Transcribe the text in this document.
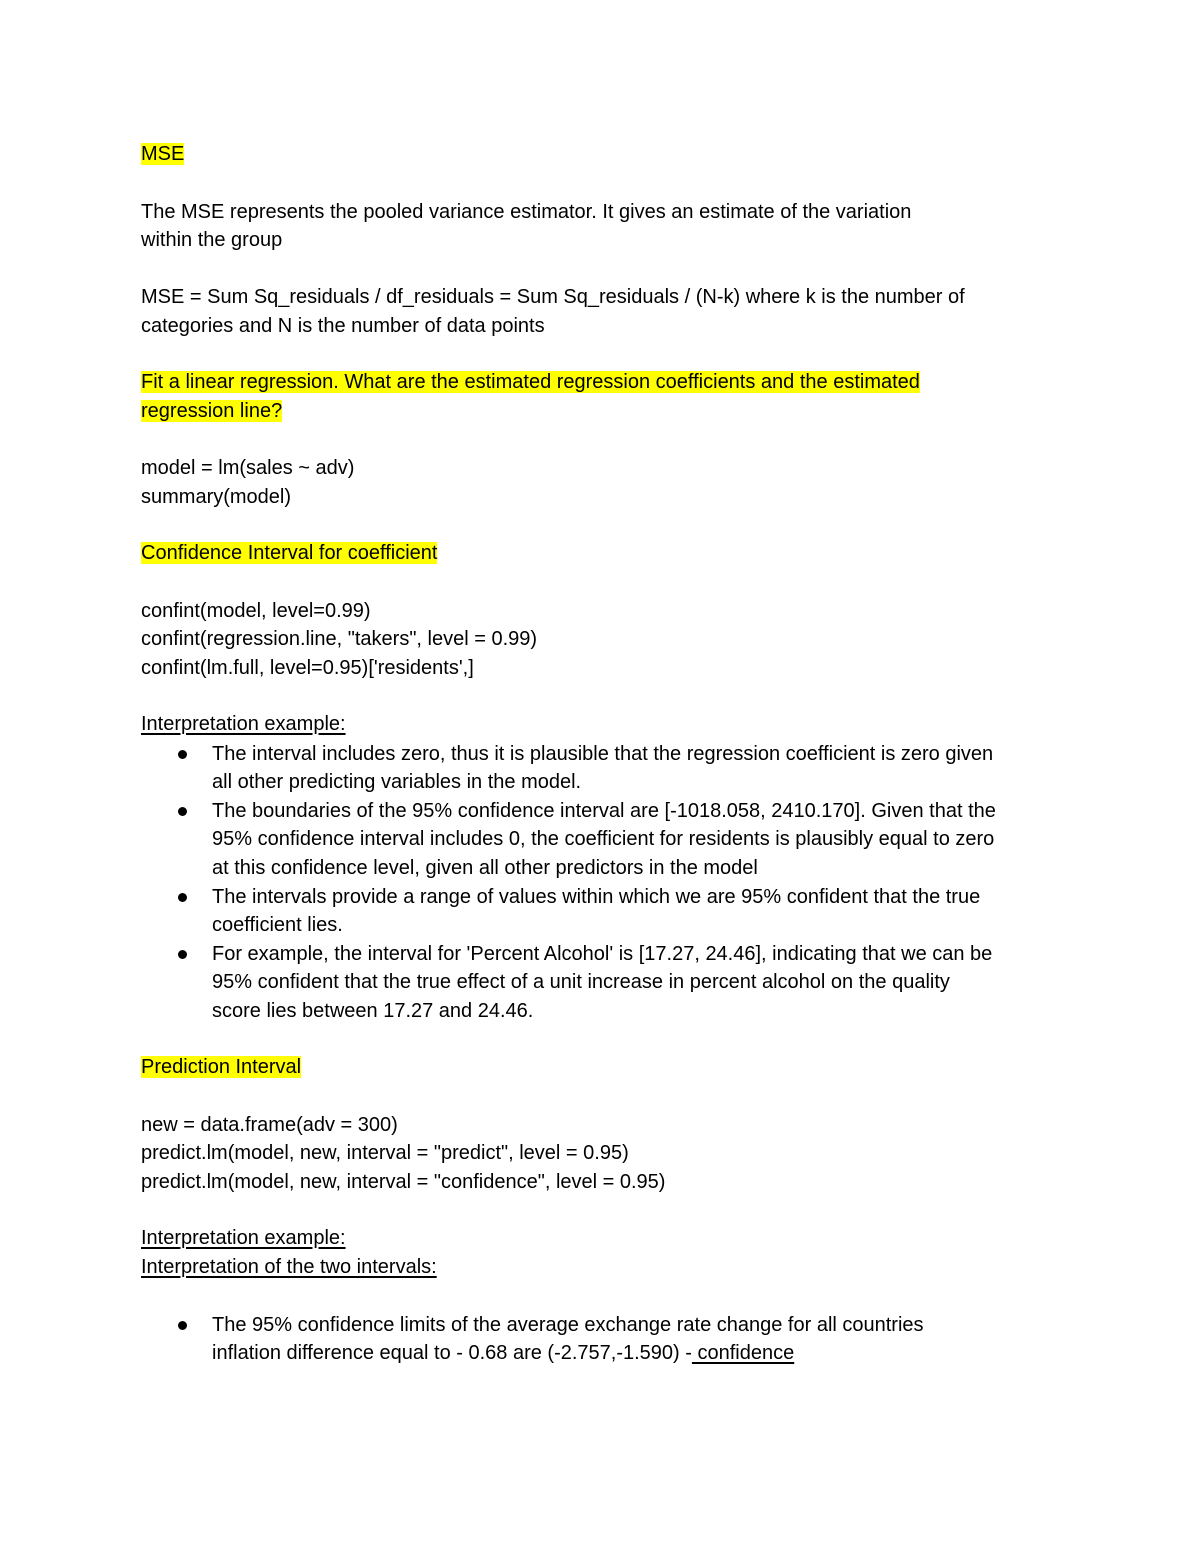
MSE
The MSE represents the pooled variance estimator. It gives an estimate of the variation
within the group
MSE = Sum Sq_residuals / df_residuals = Sum Sq_residuals / (N-k) where k is the number of
categories and N is the number of data points
Fit a linear regression. What are the estimated regression coefficients and the estimated
regression line?
model = lm(sales ~ adv)
summary(model)
Confidence Interval for coefficient
confint(model, level=0.99)
confint(regression.line, "takers", level = 0.99)
confint(lm.full, level=0.95)['residents',]
Interpretation example:
The interval includes zero, thus it is plausible that the regression coefficient is zero given
all other predicting variables in the model.
The boundaries of the 95% confidence interval are [-1018.058, 2410.170]. Given that the
95% confidence interval includes 0, the coefficient for residents is plausibly equal to zero
at this confidence level, given all other predictors in the model
The intervals provide a range of values within which we are 95% confident that the true
coefficient lies.
For example, the interval for 'Percent Alcohol' is [17.27, 24.46], indicating that we can be
95% confident that the true effect of a unit increase in percent alcohol on the quality
score lies between 17.27 and 24.46.
Prediction Interval
new = data.frame(adv = 300)
predict.lm(model, new, interval = "predict", level = 0.95)
predict.lm(model, new, interval = "confidence", level = 0.95)
Interpretation example:
Interpretation of the two intervals:
The 95% confidence limits of the average exchange rate change for all countries
inflation difference equal to - 0.68 are (-2.757,-1.590) - confidence
